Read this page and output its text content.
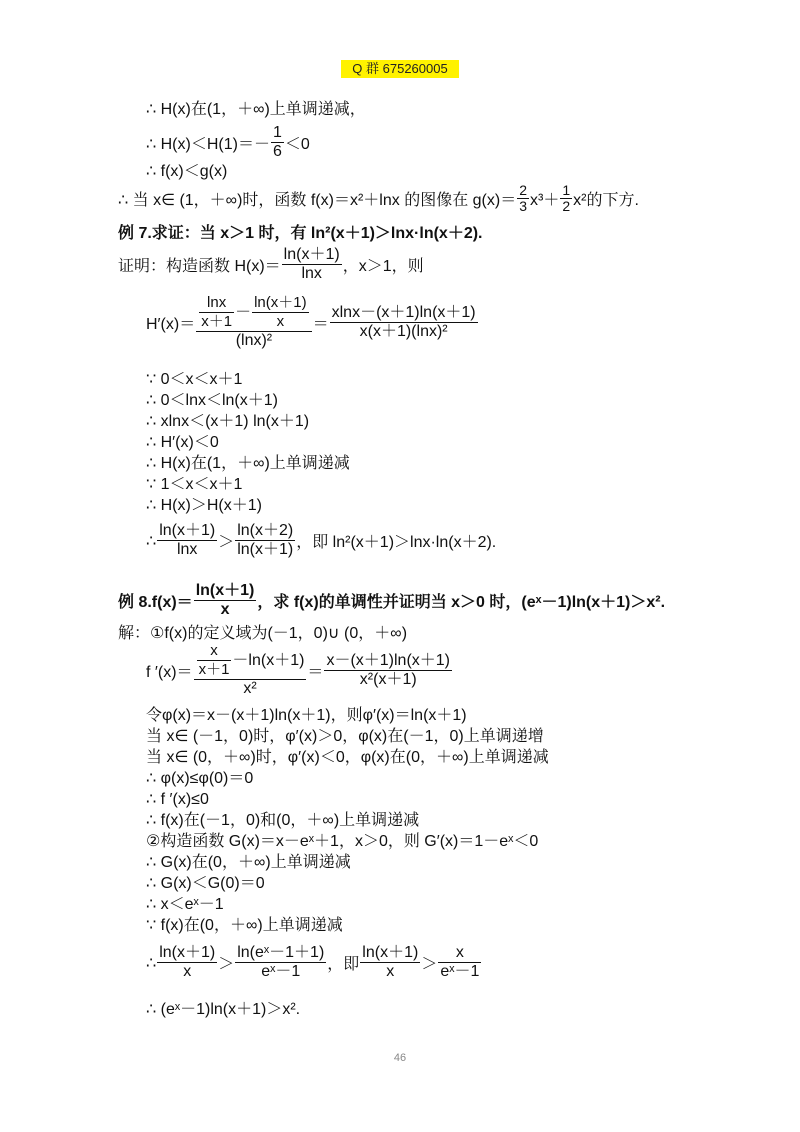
Q 群 675260005
∴ H(x)在(1，＋∞)上单调递减，
∴ $H(x)<H(1)=- \frac{1}{6} <0$
∴ f(x)＜g(x)
∴ 当 x∈ (1，＋∞)时，函数 f(x)＝x²＋lnx 的图像在 $g(x)= \frac{2}{3} x^3+ \frac{1}{2} x^2$的下方.
例 7.求证：当 x＞1 时，有 ln²(x＋1)＞lnx·ln(x＋2).
证明：构造函数 $H(x)= \frac{\ln(x+1)}{\ln x}$ ，x＞1，则
$H'(x)= \frac{\frac{\ln x}{x+1} - \frac{\ln(x+1)}{x}}{\text{(lnx)²}} = \frac{xlnx-(x+1)\ln(x+1)}{\text{x(x＋1)(lnx)²}}$
∵ 0＜x＜x＋1
∴ 0＜lnx＜ln(x＋1)
∴ xlnx＜(x＋1) ln(x＋1)
∴ H′(x)＜0
∴ H(x)在(1，＋∞)上单调递减
∵ 1＜x＜x＋1
∴ H(x)＞H(x＋1)
∴ $\frac{\ln(x+1)}{\ln x} > \frac{\ln(x+2)}{\ln(x+1)}$ ，即 ln²(x＋1)＞lnx·ln(x＋2).
例 $8.f(x)= \frac{\ln(x+1)}{x}$ ，求 f(x)的单调性并证明当 x＞0 时，(eˣ－1)ln(x＋1)＞x².
解：①f(x)的定义域为(－1，0)∪ (0，＋∞)
f $'(x)= \frac{\frac{x}{x+1} -\ln(x+1)}{\text{x²}} = \frac{x-(x+1)\ln(x+1)}{\text{x²(x＋1)}}$
令φ(x)＝x－(x＋1)ln(x＋1)，则φ′(x)＝ln(x＋1)
当 x∈ (－1，0)时，φ′(x)＞0，φ(x)在(－1，0)上单调递增
当 x∈ (0，＋∞)时，φ′(x)＜0，φ(x)在(0，＋∞)上单调递减
∴ φ(x)≤φ(0)＝0
∴ f ′(x)≤0
∴ f(x)在(－1，0)和(0，＋∞)上单调递减
②构造函数 G(x)＝x－eˣ＋1，x＞0，则 G′(x)＝1－eˣ＜0
∴ G(x)在(0，＋∞)上单调递减
∴ G(x)＜G(0)＝0
∴ x＜eˣ－1
∵ f(x)在(0，＋∞)上单调递减
∴ $\frac{\ln(x+1)}{x} > \frac{\text{ln(eˣ－1＋1)}}{\text{eˣ－1}}$ ，即 $\frac{\ln(x+1)}{x} > \frac{x}{\text{eˣ－1}}$
∴ (eˣ－1)ln(x＋1)＞x².
46
